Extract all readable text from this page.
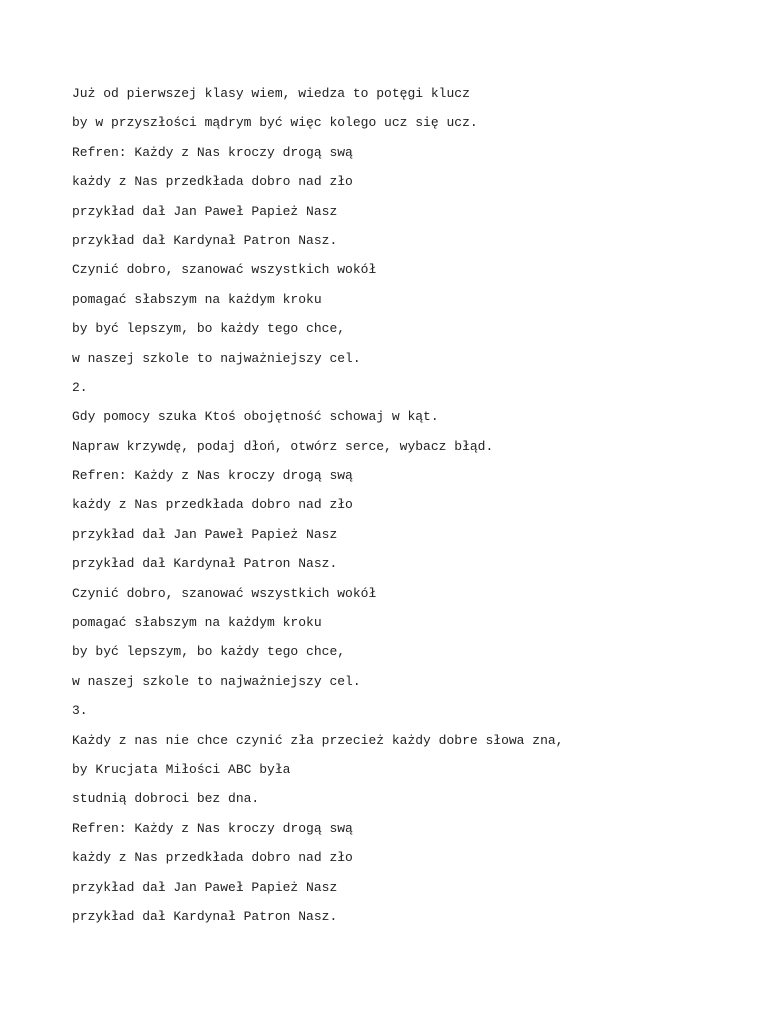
Już od pierwszej klasy wiem, wiedza to potęgi klucz
by w przyszłości mądrym być więc kolego ucz się ucz.
Refren: Każdy z Nas kroczy drogą swą
każdy z Nas przedkłada dobro nad zło
przykład dał Jan Paweł Papież Nasz
przykład dał Kardynał Patron Nasz.
Czynić dobro, szanować wszystkich wokół
pomagać słabszym na każdym kroku
by być lepszym, bo każdy tego chce,
w naszej szkole to najważniejszy cel.
2.
Gdy pomocy szuka Ktoś obojętność schowaj w kąt.
Napraw krzywdę, podaj dłoń, otwórz serce, wybacz błąd.
Refren: Każdy z Nas kroczy drogą swą
każdy z Nas przedkłada dobro nad zło
przykład dał Jan Paweł Papież Nasz
przykład dał Kardynał Patron Nasz.
Czynić dobro, szanować wszystkich wokół
pomagać słabszym na każdym kroku
by być lepszym, bo każdy tego chce,
w naszej szkole to najważniejszy cel.
3.
Każdy z nas nie chce czynić zła przecież każdy dobre słowa zna,
by Krucjata Miłości ABC była
studnią dobroci bez dna.
Refren: Każdy z Nas kroczy drogą swą
każdy z Nas przedkłada dobro nad zło
przykład dał Jan Paweł Papież Nasz
przykład dał Kardynał Patron Nasz.
